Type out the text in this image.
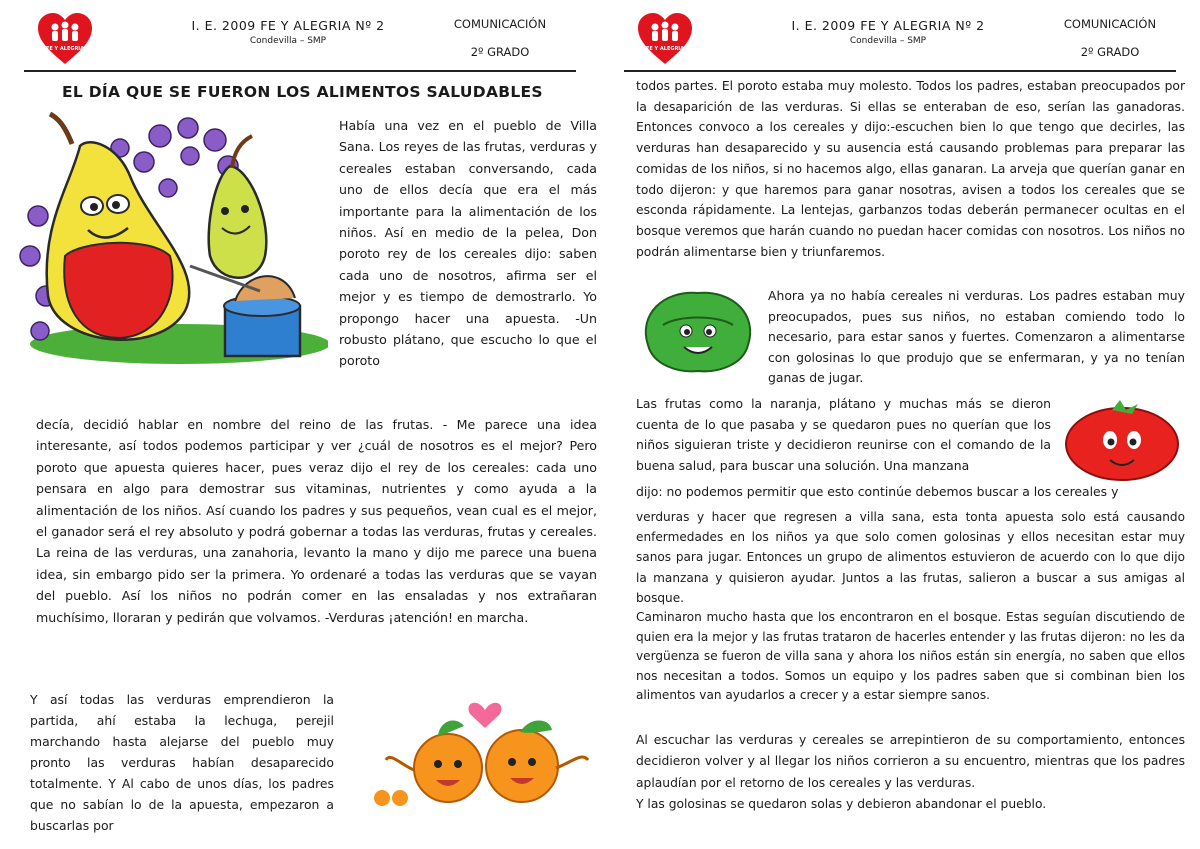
FE Y ALEGRIA
I. E. 2009 FE Y ALEGRIA Nº 2
Condevilla – SMP
COMUNICACIÓN
2º GRADO
EL DÍA QUE SE FUERON LOS ALIMENTOS SALUDABLES

Había una vez en el pueblo de Villa Sana. Los reyes de las frutas, verduras y cereales estaban conversando, cada uno de ellos decía que era el más importante para la alimentación de los niños. Así en medio de la pelea, Don poroto rey de los cereales dijo: saben cada uno de nosotros, afirma ser el mejor y es tiempo de demostrarlo. Yo propongo hacer una apuesta. -Un robusto plátano, que escucho lo que el poroto

decía, decidió hablar en nombre del reino de las frutas. - Me parece una idea interesante, así todos podemos participar y ver ¿cuál de nosotros es el mejor? Pero poroto que apuesta quieres hacer, pues veraz dijo el rey de los cereales: cada uno pensara en algo para demostrar sus vitaminas, nutrientes y como ayuda a la alimentación de los niños. Así cuando los padres y sus pequeños, vean cual es el mejor, el ganador será el rey absoluto y podrá gobernar a todas las verduras, frutas y cereales. La reina de las verduras, una zanahoria, levanto la mano y dijo me parece una buena idea, sin embargo pido ser la primera. Yo ordenaré a todas las verduras que se vayan del pueblo. Así los niños no podrán comer en las ensaladas y nos extrañaran muchísimo, lloraran y pedirán que volvamos. -Verduras ¡atención! en marcha.

Y así todas las verduras emprendieron la partida, ahí estaba la lechuga, perejil marchando hasta alejarse del pueblo muy pronto las verduras habían desaparecido totalmente. Y Al cabo de unos días, los padres que no sabían lo de la apuesta, empezaron a buscarlas por

FE Y ALEGRIA
I. E. 2009 FE Y ALEGRIA Nº 2
Condevilla – SMP
COMUNICACIÓN
2º GRADO

todos partes. El poroto estaba muy molesto. Todos los padres, estaban preocupados por la desaparición de las verduras. Si ellas se enteraban de eso, serían las ganadoras. Entonces convoco a los cereales y dijo:-escuchen bien lo que tengo que decirles, las verduras han desaparecido y su ausencia está causando problemas para preparar las comidas de los niños, si no hacemos algo, ellas ganaran. La arveja que querían ganar en todo dijeron: y que haremos para ganar nosotras, avisen a todos los cereales que se esconda rápidamente. La lentejas, garbanzos todas deberán permanecer ocultas en el bosque veremos que harán cuando no puedan hacer comidas con nosotros. Los niños no podrán alimentarse bien y triunfaremos.

Ahora ya no había cereales ni verduras. Los padres estaban muy preocupados, pues sus niños, no estaban comiendo todo lo necesario, para estar sanos y fuertes. Comenzaron a alimentarse con golosinas lo que produjo que se enfermaran, y ya no tenían ganas de jugar.

Las frutas como la naranja, plátano y muchas más se dieron cuenta de lo que pasaba y se quedaron pues no querían que los niños siguieran triste y decidieron reunirse con el comando de la buena salud, para buscar una solución. Una manzana

dijo: no podemos permitir que esto continúe debemos buscar a los cereales y

verduras y hacer que regresen a villa sana, esta tonta apuesta solo está causando enfermedades en los niños ya que solo comen golosinas y ellos necesitan estar muy sanos para jugar. Entonces un grupo de alimentos estuvieron de acuerdo con lo que dijo la manzana y quisieron ayudar. Juntos a las frutas, salieron a buscar a sus amigas al bosque.

Caminaron mucho hasta que los encontraron en el bosque. Estas seguían discutiendo de quien era la mejor y las frutas trataron de hacerles entender y las frutas dijeron: no les da vergüenza se fueron de villa sana y ahora los niños están sin energía, no saben que ellos nos necesitan a todos. Somos un equipo y los padres saben que si combinan bien los alimentos van ayudarlos a crecer y a estar siempre sanos.

Al escuchar las verduras y cereales se arrepintieron de su comportamiento, entonces decidieron volver y al llegar los niños corrieron a su encuentro, mientras que los padres aplaudían por el retorno de los cereales y las verduras.

Y las golosinas se quedaron solas y debieron abandonar el pueblo.
